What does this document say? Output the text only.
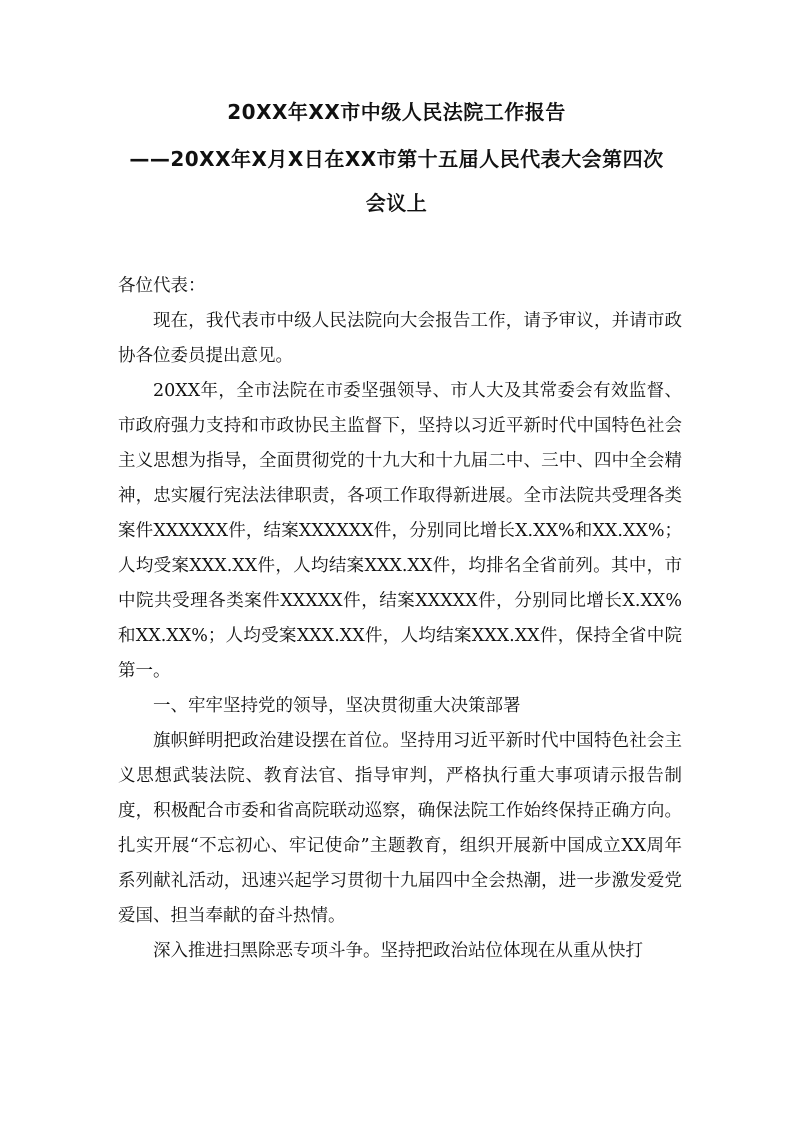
20XX年XX市中级人民法院工作报告
——20XX年X月X日在XX市第十五届人民代表大会第四次
会议上

各位代表：

现在，我代表市中级人民法院向大会报告工作，请予审议，并请市政协各位委员提出意见。

20XX年，全市法院在市委坚强领导、市人大及其常委会有效监督、市政府强力支持和市政协民主监督下，坚持以习近平新时代中国特色社会主义思想为指导，全面贯彻党的十九大和十九届二中、三中、四中全会精神，忠实履行宪法法律职责，各项工作取得新进展。全市法院共受理各类案件XXXXXX件，结案XXXXXX件，分别同比增长X.XX%和XX.XX%；人均受案XXX.XX件，人均结案XXX.XX件，均排名全省前列。其中，市中院共受理各类案件XXXXX件，结案XXXXX件，分别同比增长X.XX%和XX.XX%；人均受案XXX.XX件，人均结案XXX.XX件，保持全省中院第一。

一、牢牢坚持党的领导，坚决贯彻重大决策部署

旗帜鲜明把政治建设摆在首位。坚持用习近平新时代中国特色社会主义思想武装法院、教育法官、指导审判，严格执行重大事项请示报告制度，积极配合市委和省高院联动巡察，确保法院工作始终保持正确方向。扎实开展“不忘初心、牢记使命”主题教育，组织开展新中国成立XX周年系列献礼活动，迅速兴起学习贯彻十九届四中全会热潮，进一步激发爱党爱国、担当奉献的奋斗热情。

深入推进扫黑除恶专项斗争。坚持把政治站位体现在从重从快打
